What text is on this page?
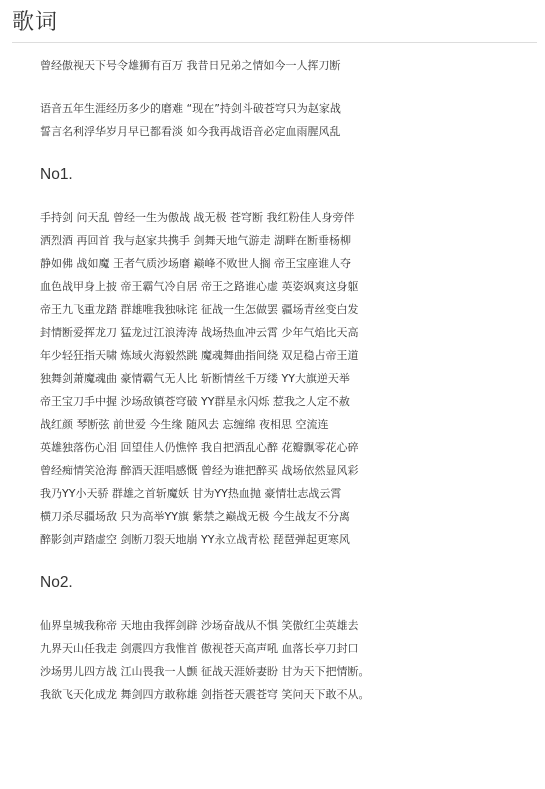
歌词
曾经傲视天下号令雄狮有百万 我昔日兄弟之情如今一人挥刀断
语音五年生涯经历多少的磨难 “现在”持剑斗破苍穹只为赵家战
誓言名利浮华岁月早已都看淡 如今我再战语音必定血雨腥风乱
No1.
手持剑 问天乱 曾经一生为傲战 战无极 苍穹断 我红粉佳人身旁伴
洒烈酒 再回首 我与赵家共携手 剑舞天地气游走 湖畔在断垂杨柳
静如佛 战如魔 王者气质沙场磨 巅峰不败世人搁 帝王宝座谁人夺
血色战甲身上披 帝王霸气冷自居 帝王之路谁心虚 英姿飒爽这身躯
帝王九飞重龙踏 群雄唯我独咏诧 征战一生怎做罢 疆场青丝变白发
封情断爱挥龙刀 猛龙过江浪涛涛 战场热血冲云霄 少年气焰比天高
年少轻狂指天啸 炼域火海毅然跳 魔魂舞曲指间绕 双足稳占帝王道
独舞剑萧魔魂曲 豪情霸气无人比 斩断情丝千万缕 YY大旗逆天举
帝王宝刀手中握 沙场敌镇苍穹破 YY群星永闪烁 惹我之人定不赦
战红颜 琴断弦 前世爱 今生缘 随风去 忘缠绵 夜相思 空流连
英雄独落伤心泪 回望佳人仍憔悴 我自把酒乱心醉 花瓣飘零花心碎
曾经痴情笑沧海 醉酒天涯唱感慨 曾经为谁把醉买 战场依然显风彩
我乃YY小天骄 群雄之首斩魔妖 甘为YY热血抛 豪情壮志战云霄
横刀杀尽疆场敌 只为高举YY旗 紫禁之巅战无极 今生战友不分离
醉影剑声踏虚空 剑断刀裂天地崩 YY永立战青松 琵琶弹起更寒风
No2.
仙界皇城我称帝 天地由我挥剑辟 沙场奋战从不惧 笑傲红尘英雄去
九界天山任我走 剑震四方我惟首 傲视苍天高声吼 血落长亭刀封口
沙场男儿四方战 江山畏我一人颤 征战天涯娇妻盼 甘为天下把情断。
我欲飞天化成龙 舞剑四方敢称雄 剑指苍天震苍穹 笑问天下敢不从。
